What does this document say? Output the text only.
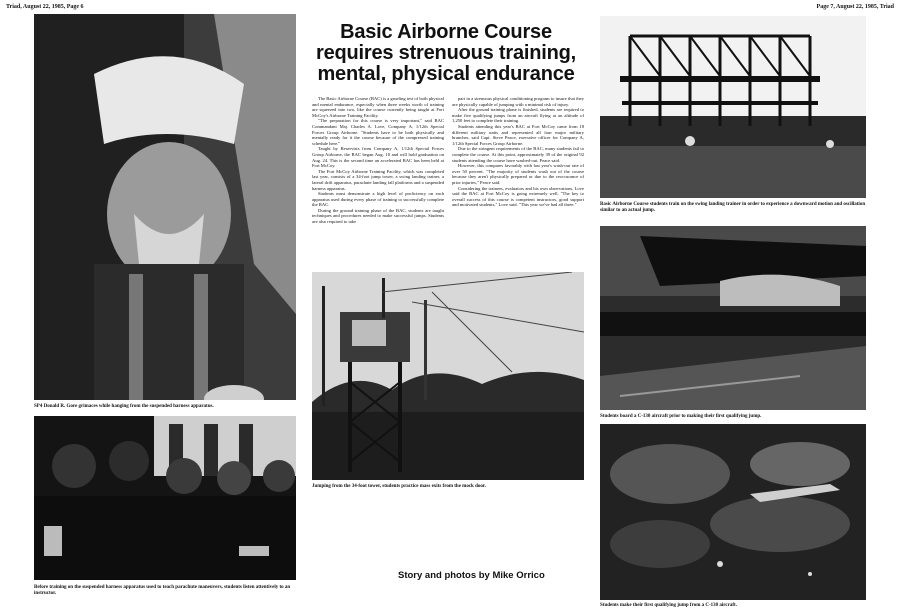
Triad, August 22, 1985, Page 6	Page 7, August 22, 1985, Triad
SP4 Donald R. Gore grimaces while hanging from the suspended harness apparatus.
Before training on the suspended harness apparatus used to teach parachute maneuvers, students listen attentively to an instructor.
Basic Airborne Course requires strenuous training, mental, physical endurance

The Basic Airborne Course (BAC) is a grueling test of both physical and mental endurance, especially when three weeks worth of training are squeezed into two, like the course currently being taught at Fort McCoy's Airborne Training Facility.

"The preparation for this course is very important," said BAC Commandant Maj. Charles A. Love, Company A, 1/12th Special Forces Group Airborne. "Students have to be both physically and mentally ready for it the course because of the compressed training schedule here."

Taught by Reservists from Company A, 1/12th Special Forces Group Airborne, the BAC began Aug. 10 and will hold graduation on Aug. 24. This is the second time an accelerated BAC has been held at Fort McCoy.

The Fort McCoy Airborne Training Facility, which was completed last year, consists of a 34-foot jump tower, a swing landing trainer, a lateral drift apparatus, parachute landing fall platforms and a suspended harness apparatus.

Students must demonstrate a high level of proficiency on each apparatus used during every phase of training to successfully complete the BAC.

During the ground training phase of the BAC, students are taught techniques and procedures needed to make successful jumps. Students are also required to take

part in a strenuous physical conditioning program to insure that they are physically capable of jumping with a minimal risk of injury.

After the ground training phase is finished, students are required to make five qualifying jumps from an aircraft flying at an altitude of 1,250 feet to complete their training.

Students attending this year's BAC at Fort McCoy came from 18 different military units and represented all four major military branches, said Capt. Steve Peace, executive officer for Company A, 1/12th Special Forces Group Airborne.

Due to the stringent requirements of the BAC, many students fail to complete the course. At this point, approximately 39 of the original 92 students attending the course have washed-out, Peace said.

However, this compares favorably with last year's wash-out rate of over 50 percent. "The majority of students wash out of the course because they aren't physically prepared or due to the reoccurance of prior injuries," Peace said.

Considering the trainees, evaluators and his own observations, Love said the BAC at Fort McCoy is going extremely well. "The key to overall success of this course is competent instructors, good support and motivated students," Love said. "This year we've had all three."

Jumping from the 34-foot tower, students practice mass exits from the mock door.
Story and photos by Mike Orrico
Basic Airborne Course students train on the swing landing trainer in order to experience a downward motion and oscillation similar to an actual jump.
Students board a C-130 aircraft prior to making their first qualifying jump.
Students make their first qualifying jump from a C-130 aircraft.
